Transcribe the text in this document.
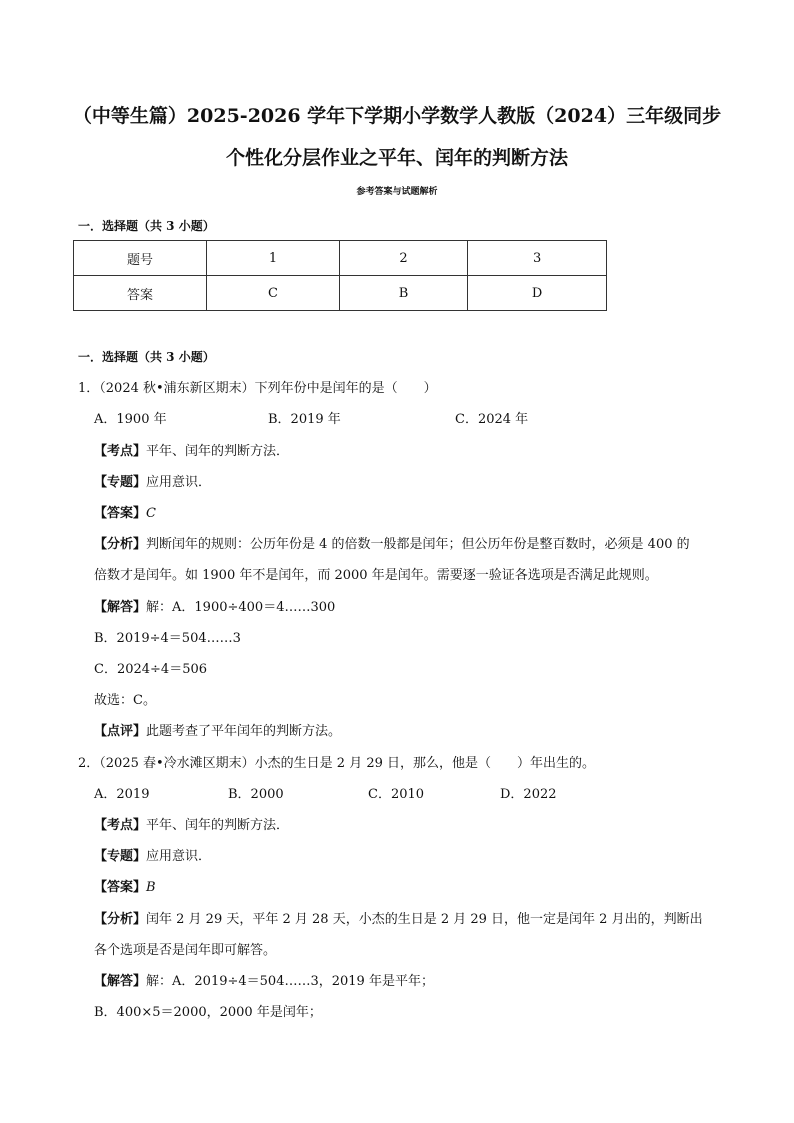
（中等生篇）2025-2026 学年下学期小学数学人教版（2024）三年级同步
个性化分层作业之平年、闰年的判断方法
参考答案与试题解析
一．选择题（共 3 小题）
题号	1	2	3
答案	C	B	D
一．选择题（共 3 小题）
1．（2024 秋•浦东新区期末）下列年份中是闰年的是（　　）
A．1900 年	B．2019 年	C．2024 年
【考点】平年、闰年的判断方法．
【专题】应用意识．
【答案】C
【分析】判断闰年的规则：公历年份是 4 的倍数一般都是闰年；但公历年份是整百数时，必须是 400 的
倍数才是闰年。如 1900 年不是闰年，而 2000 年是闰年。需要逐一验证各选项是否满足此规则。
【解答】解：A．1900÷400＝4……300
B．2019÷4＝504……3
C．2024÷4＝506
故选：C。
【点评】此题考查了平年闰年的判断方法。
2．（2025 春•冷水滩区期末）小杰的生日是 2 月 29 日，那么，他是（　　）年出生的。
A．2019	B．2000	C．2010	D．2022
【考点】平年、闰年的判断方法．
【专题】应用意识．
【答案】B
【分析】闰年 2 月 29 天，平年 2 月 28 天，小杰的生日是 2 月 29 日，他一定是闰年 2 月出的，判断出
各个选项是否是闰年即可解答。
【解答】解：A．2019÷4＝504……3，2019 年是平年；
B．400×5＝2000，2000 年是闰年；
